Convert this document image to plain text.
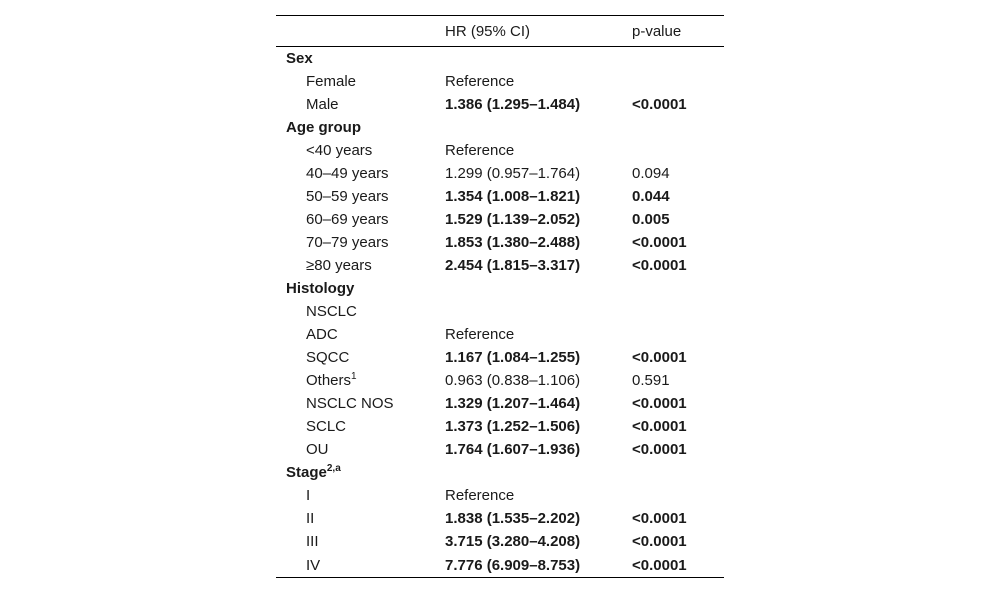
	HR (95% CI)	p-value
Sex		
Female	Reference	
Male	1.386 (1.295–1.484)	<0.0001
Age group		
<40 years	Reference	
40–49 years	1.299 (0.957–1.764)	0.094
50–59 years	1.354 (1.008–1.821)	0.044
60–69 years	1.529 (1.139–2.052)	0.005
70–79 years	1.853 (1.380–2.488)	<0.0001
≥80 years	2.454 (1.815–3.317)	<0.0001
Histology		
NSCLC		
ADC	Reference	
SQCC	1.167 (1.084–1.255)	<0.0001
Others$^1$	0.963 (0.838–1.106)	0.591
NSCLC NOS	1.329 (1.207–1.464)	<0.0001
SCLC	1.373 (1.252–1.506)	<0.0001
OU	1.764 (1.607–1.936)	<0.0001
Stage$^{2,a}$		
I	Reference	
II	1.838 (1.535–2.202)	<0.0001
III	3.715 (3.280–4.208)	<0.0001
IV	7.776 (6.909–8.753)	<0.0001
